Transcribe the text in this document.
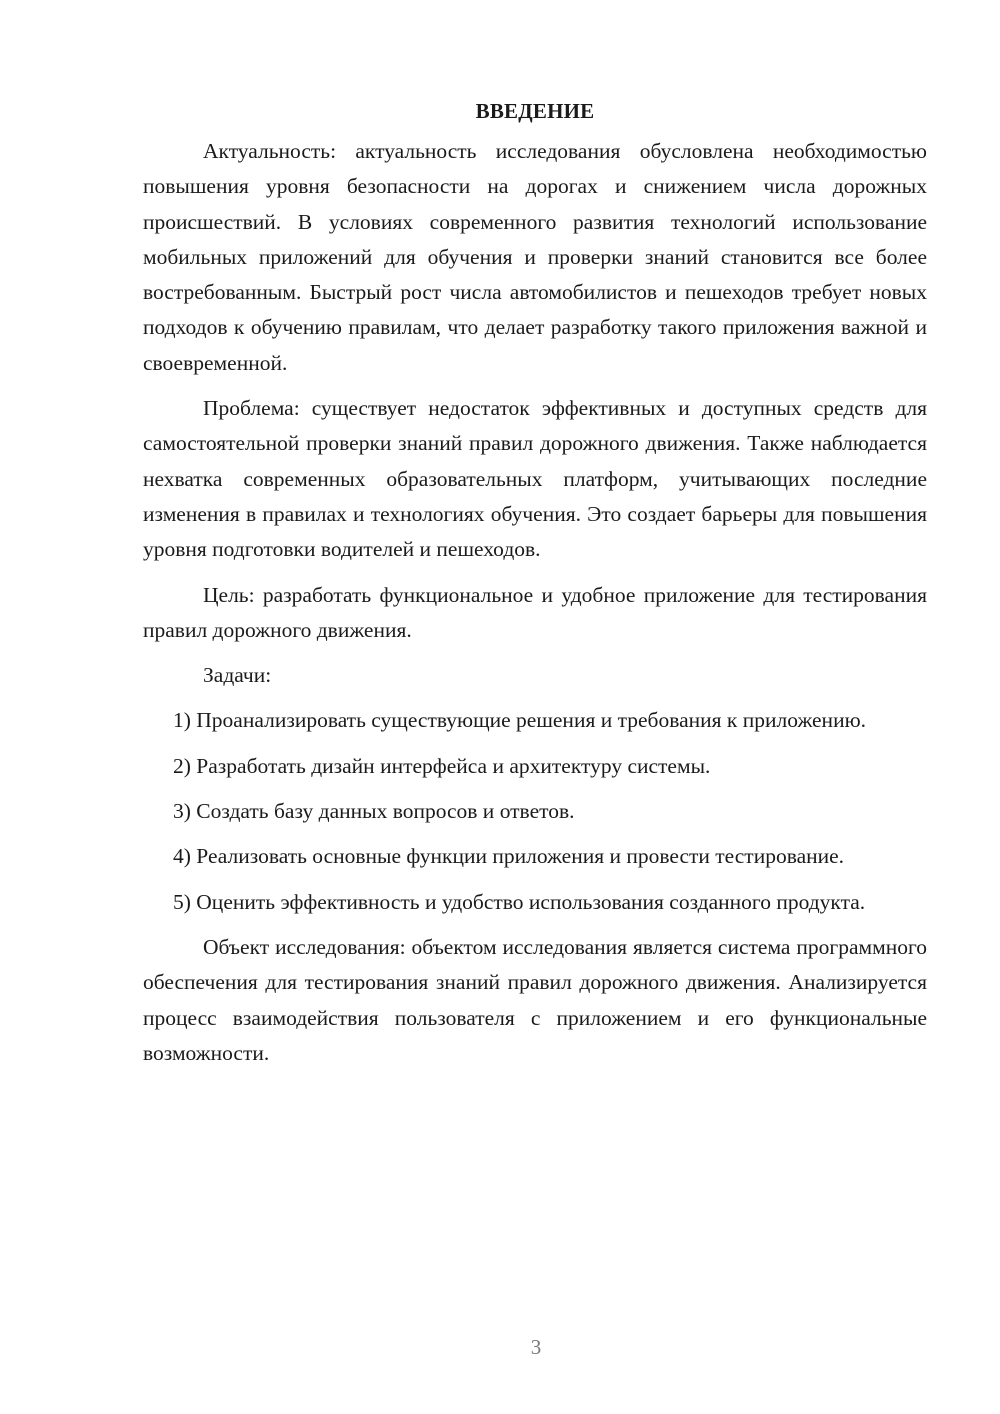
ВВЕДЕНИЕ

Актуальность: актуальность исследования обусловлена необходимостью повышения уровня безопасности на дорогах и снижением числа дорожных происшествий. В условиях современного развития технологий использование мобильных приложений для обучения и проверки знаний становится все более востребованным. Быстрый рост числа автомобилистов и пешеходов требует новых подходов к обучению правилам, что делает разработку такого приложения важной и своевременной.

Проблема: существует недостаток эффективных и доступных средств для самостоятельной проверки знаний правил дорожного движения. Также наблюдается нехватка современных образовательных платформ, учитывающих последние изменения в правилах и технологиях обучения. Это создает барьеры для повышения уровня подготовки водителей и пешеходов.

Цель: разработать функциональное и удобное приложение для тестирования правил дорожного движения.

Задачи:

1) Проанализировать существующие решения и требования к приложению.

2) Разработать дизайн интерфейса и архитектуру системы.

3) Создать базу данных вопросов и ответов.

4) Реализовать основные функции приложения и провести тестирование.

5) Оценить эффективность и удобство использования созданного продукта.

Объект исследования: объектом исследования является система программного обеспечения для тестирования знаний правил дорожного движения. Анализируется процесс взаимодействия пользователя с приложением и его функциональные возможности.

3
